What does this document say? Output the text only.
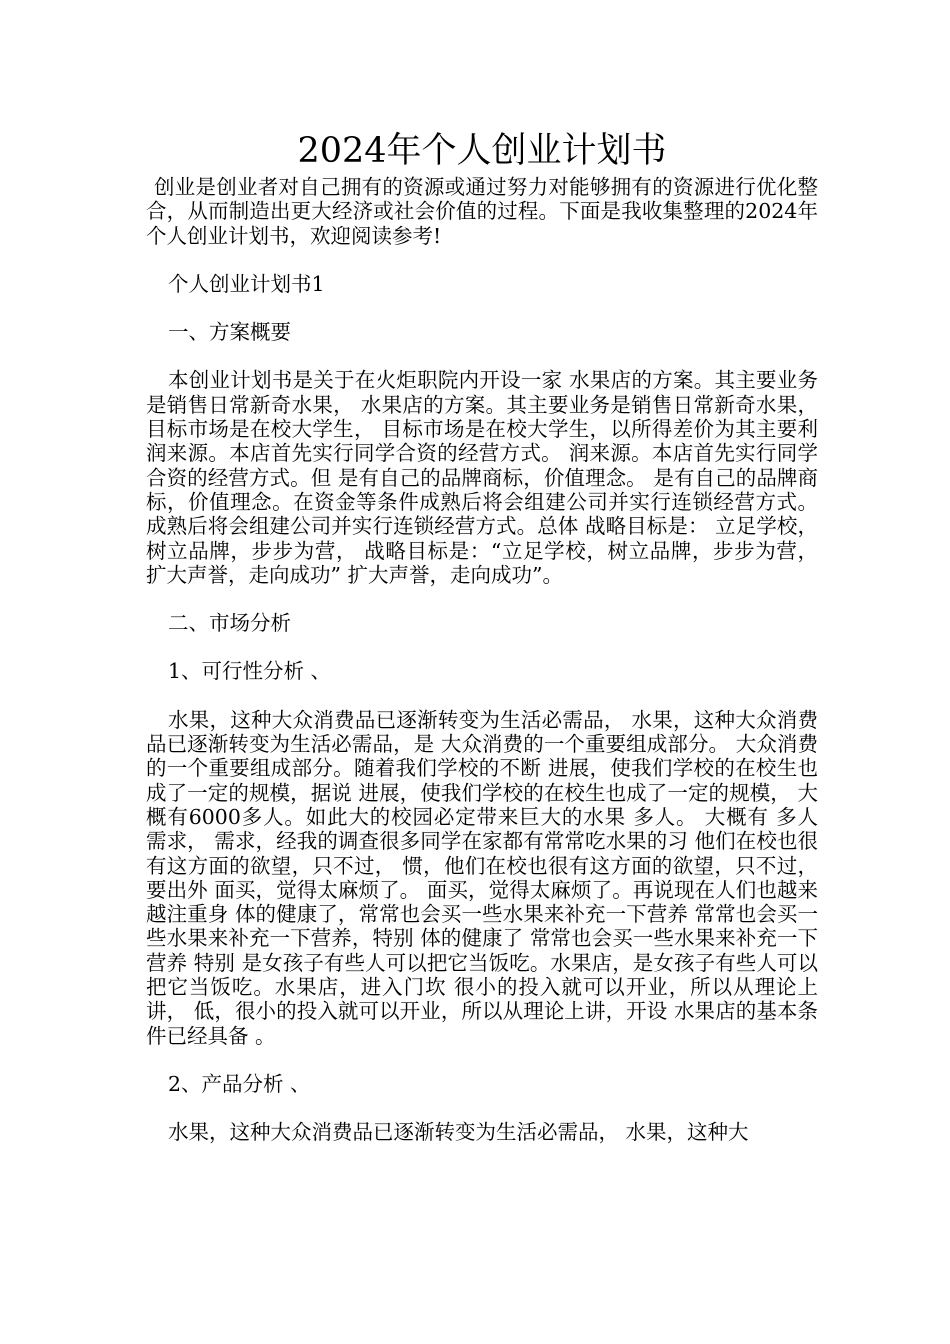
2024年个人创业计划书

创业是创业者对自己拥有的资源或通过努力对能够拥有的资源进行优化整合，从而制造出更大经济或社会价值的过程。下面是我收集整理的2024年个人创业计划书，欢迎阅读参考!

个人创业计划书1

一、方案概要

本创业计划书是关于在火炬职院内开设一家 水果店的方案。其主要业务是销售日常新奇水果， 水果店的方案。其主要业务是销售日常新奇水果， 目标市场是在校大学生， 目标市场是在校大学生，以所得差价为其主要利 润来源。本店首先实行同学合资的经营方式。 润来源。本店首先实行同学合资的经营方式。但 是有自己的品牌商标，价值理念。 是有自己的品牌商标，价值理念。在资金等条件成熟后将会组建公司并实行连锁经营方式。 成熟后将会组建公司并实行连锁经营方式。总体 战略目标是： 立足学校，树立品牌，步步为营， 战略目标是：“立足学校，树立品牌，步步为营， 扩大声誉，走向成功” 扩大声誉，走向成功”。

二、市场分析

1、可行性分析 、

水果，这种大众消费品已逐渐转变为生活必需品， 水果，这种大众消费品已逐渐转变为生活必需品，是 大众消费的一个重要组成部分。 大众消费的一个重要组成部分。随着我们学校的不断 进展，使我们学校的在校生也成了一定的规模，据说 进展，使我们学校的在校生也成了一定的规模， 大概有6000多人。如此大的校园必定带来巨大的水果 多人。 大概有 多人 需求， 需求，经我的调查很多同学在家都有常常吃水果的习 他们在校也很有这方面的欲望，只不过， 惯，他们在校也很有这方面的欲望，只不过，要出外 面买，觉得太麻烦了。 面买，觉得太麻烦了。再说现在人们也越来越注重身 体的健康了，常常也会买一些水果来补充一下营养 常常也会买一些水果来补充一下营养，特别 体的健康了 常常也会买一些水果来补充一下营养 特别 是女孩子有些人可以把它当饭吃。水果店，是女孩子有些人可以把它当饭吃。水果店，进入门坎 很小的投入就可以开业，所以从理论上讲， 低，很小的投入就可以开业，所以从理论上讲，开设 水果店的基本条件已经具备 。

2、产品分析 、

水果，这种大众消费品已逐渐转变为生活必需品， 水果，这种大
